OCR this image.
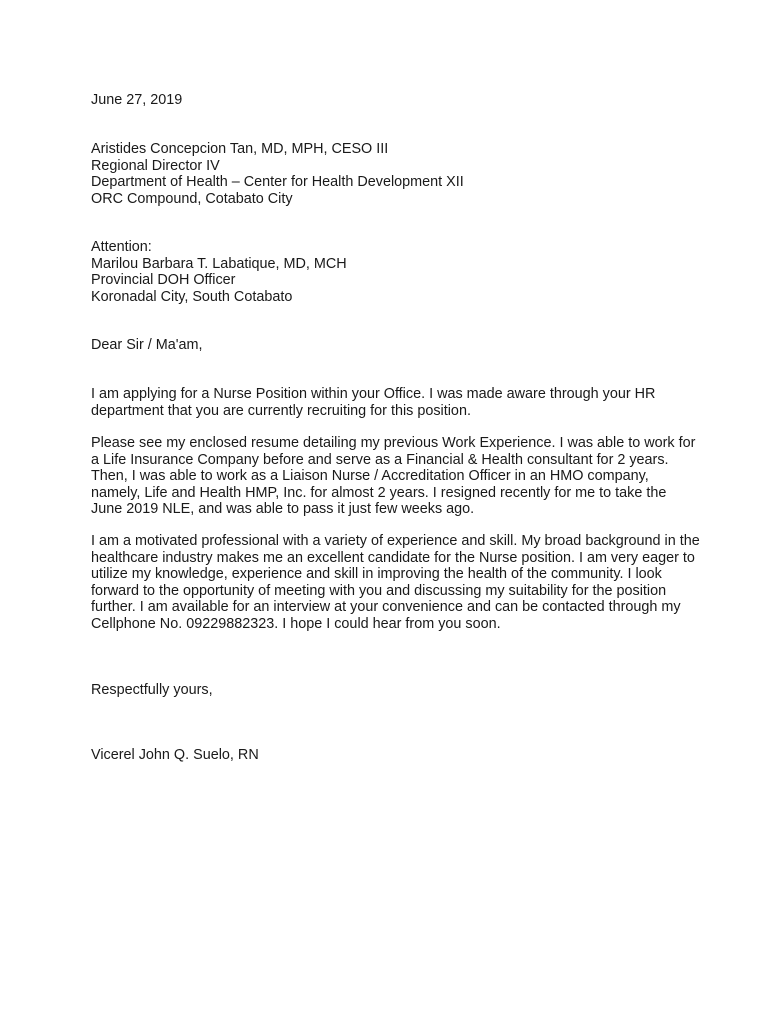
June 27, 2019
Aristides Concepcion Tan, MD, MPH, CESO III
Regional Director IV
Department of Health – Center for Health Development XII
ORC Compound, Cotabato City
Attention:
Marilou Barbara T. Labatique, MD, MCH
Provincial DOH Officer
Koronadal City, South Cotabato
Dear Sir / Ma'am,
I am applying for a Nurse Position within your Office. I was made aware through your HR
department that you are currently recruiting for this position.
Please see my enclosed resume detailing my previous Work Experience. I was able to work for
a Life Insurance Company before and serve as a Financial & Health consultant for 2 years.
Then, I was able to work as a Liaison Nurse / Accreditation Officer in an HMO company,
namely, Life and Health HMP, Inc. for almost 2 years. I resigned recently for me to take the
June 2019 NLE, and was able to pass it just few weeks ago.
I am a motivated professional with a variety of experience and skill. My broad background in the
healthcare industry makes me an excellent candidate for the Nurse position. I am very eager to
utilize my knowledge, experience and skill in improving the health of the community. I look
forward to the opportunity of meeting with you and discussing my suitability for the position
further. I am available for an interview at your convenience and can be contacted through my
Cellphone No. 09229882323. I hope I could hear from you soon.
Respectfully yours,
Vicerel John Q. Suelo, RN
